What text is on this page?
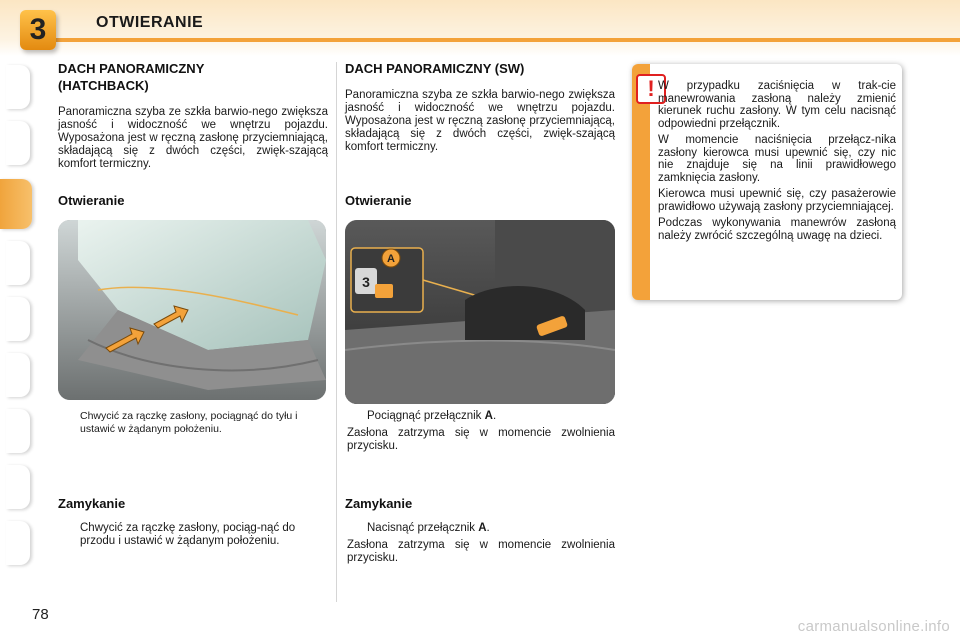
3	OTWIERANIE
DACH PANORAMICZNY (HATCHBACK)

Panoramiczna szyba ze szkła barwio-nego zwiększa jasność i widoczność we wnętrzu pojazdu. Wyposażona jest w ręczną zasłonę przyciemniającą, składającą się z dwóch części, zwięk-szającą komfort termiczny.

Otwieranie
Chwycić za rączkę zasłony, pociągnąć do tyłu i ustawić w żądanym położeniu.
Zamykanie
Chwycić za rączkę zasłony, pociąg-nąć do przodu i ustawić w żądanym położeniu.
DACH PANORAMICZNY (SW)

Panoramiczna szyba ze szkła barwio-nego zwiększa jasność i widoczność we wnętrzu pojazdu. Wyposażona jest w ręczną zasłonę przyciemniającą, składającą się z dwóch części, zwięk-szającą komfort termiczny.

Otwieranie
3
A
Pociągnąć przełącznik A.

Zasłona zatrzyma się w momencie zwolnienia przycisku.

Zamykanie
Nacisnąć przełącznik A.

Zasłona zatrzyma się w momencie zwolnienia przycisku.

! W przypadku zaciśnięcia w trak-cie manewrowania zasłoną należy zmienić kierunek ruchu zasłony. W tym celu nacisnąć odpowiedni przełącznik.

W momencie naciśnięcia przełącz-nika zasłony kierowca musi upewnić się, czy nic nie znajduje się na linii prawidłowego zamknięcia zasłony.

Kierowca musi upewnić się, czy pasażerowie prawidłowo używają zasłony przyciemniającej.

Podczas wykonywania manewrów zasłoną należy zwrócić szczególną uwagę na dzieci.

78
carmanualsonline.info
